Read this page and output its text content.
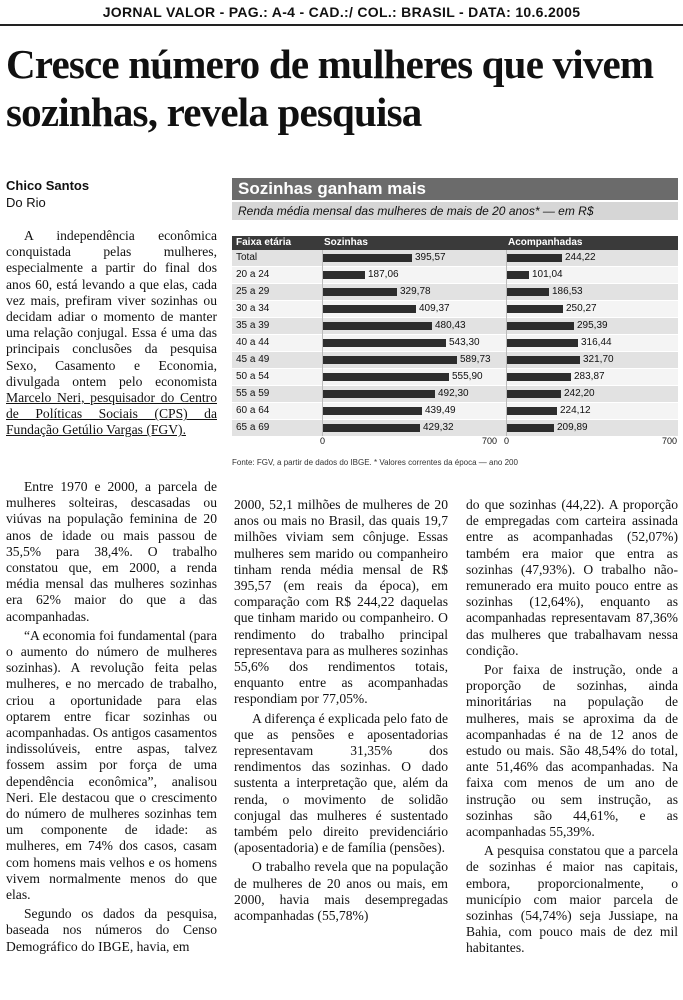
JORNAL VALOR - PAG.: A-4 - CAD.:/ COL.: BRASIL - DATA: 10.6.2005
Cresce número de mulheres que vivem sozinhas, revela pesquisa
Chico Santos
Do Rio

A independência econômica conquistada pelas mulheres, especialmente a partir do final dos anos 60, está levando a que elas, cada vez mais, prefiram viver sozinhas ou decidam adiar o momento de manter uma relação conjugal. Essa é uma das principais conclusões da pesquisa Sexo, Casamento e Economia, divulgada ontem pelo economista Marcelo Neri, pesquisador do Centro de Políticas Sociais (CPS) da Fundação Getúlio Vargas (FGV).

Sozinhas ganham mais
Renda média mensal das mulheres de mais de 20 anos* — em R$
Faixa etária	Sozinhas	Acompanhadas
Total	395,57	244,22
20 a 24	187,06	101,04
25 a 29	329,78	186,53
30 a 34	409,37	250,27
35 a 39	480,43	295,39
40 a 44	543,30	316,44
45 a 49	589,73	321,70
50 a 54	555,90	283,87
55 a 59	492,30	242,20
60 a 64	439,49	224,12
65 a 69	429,32	209,89
0	700 0	700
Fonte: FGV, a partir de dados do IBGE. * Valores correntes da época — ano 200

Entre 1970 e 2000, a parcela de mulheres solteiras, descasadas ou viúvas na população feminina de 20 anos de idade ou mais passou de 35,5% para 38,4%. O trabalho constatou que, em 2000, a renda média mensal das mulheres sozinhas era 62% maior do que a das acompanhadas.

“A economia foi fundamental (para o aumento do número de mulheres sozinhas). A revolução feita pelas mulheres, e no mercado de trabalho, criou a oportunidade para elas optarem entre ficar sozinhas ou acompanhadas. Os antigos casamentos indissolúveis, entre aspas, talvez fossem assim por força de uma dependência econômica”, analisou Neri. Ele destacou que o crescimento do número de mulheres sozinhas tem um componente de idade: as mulheres, em 74% dos casos, casam com homens mais velhos e os homens vivem normalmente menos do que elas.

Segundo os dados da pesquisa, baseada nos números do Censo Demográfico do IBGE, havia, em

2000, 52,1 milhões de mulheres de 20 anos ou mais no Brasil, das quais 19,7 milhões viviam sem cônjuge. Essas mulheres sem marido ou companheiro tinham renda média mensal de R$ 395,57 (em reais da época), em comparação com R$ 244,22 daquelas que tinham marido ou companheiro. O rendimento do trabalho principal representava para as mulheres sozinhas 55,6% dos rendimentos totais, enquanto entre as acompanhadas respondiam por 77,05%.

A diferença é explicada pelo fato de que as pensões e aposentadorias representavam 31,35% dos rendimentos das sozinhas. O dado sustenta a interpretação que, além da renda, o movimento de solidão conjugal das mulheres é sustentado também pelo direito previdenciário (aposentadoria) e de família (pensões).

O trabalho revela que na população de mulheres de 20 anos ou mais, em 2000, havia mais desempregadas acompanhadas (55,78%)

do que sozinhas (44,22). A proporção de empregadas com carteira assinada entre as acompanhadas (52,07%) também era maior que entra as sozinhas (47,93%). O trabalho não-remunerado era muito pouco entre as sozinhas (12,64%), enquanto as acompanhadas representavam 87,36% das mulheres que trabalhavam nessa condição.

Por faixa de instrução, onde a proporção de sozinhas, ainda minoritárias na população de mulheres, mais se aproxima da de acompanhadas é na de 12 anos de estudo ou mais. São 48,54% do total, ante 51,46% das acompanhadas. Na faixa com menos de um ano de instrução ou sem instrução, as sozinhas são 44,61%, e as acompanhadas 55,39%.

A pesquisa constatou que a parcela de sozinhas é maior nas capitais, embora, proporcionalmente, o município com maior parcela de sozinhas (54,74%) seja Jussiape, na Bahia, com pouco mais de dez mil habitantes.
